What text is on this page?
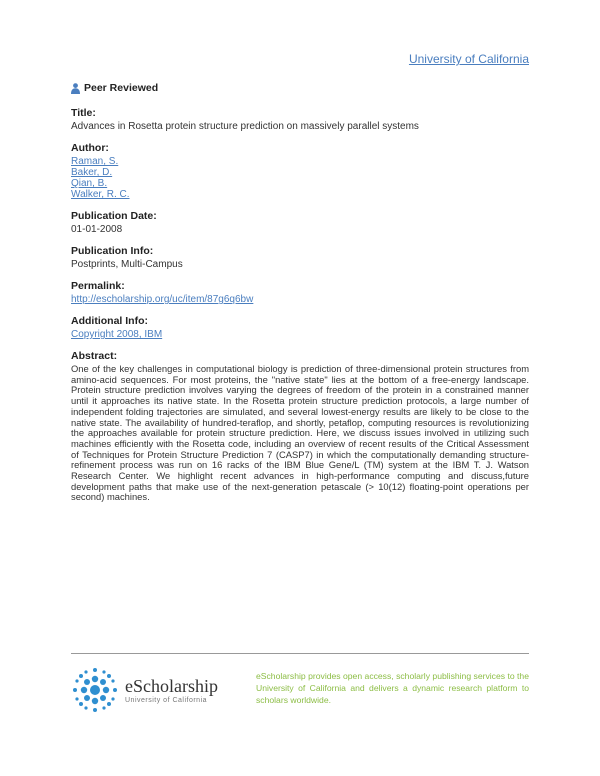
University of California
Peer Reviewed
Title:
Advances in Rosetta protein structure prediction on massively parallel systems
Author:
Raman, S.
Baker, D.
Qian, B.
Walker, R. C.
Publication Date:
01-01-2008
Publication Info:
Postprints, Multi-Campus
Permalink:
http://escholarship.org/uc/item/87g6q6bw
Additional Info:
Copyright 2008, IBM
Abstract:
One of the key challenges in computational biology is prediction of three-dimensional protein structures from amino-acid sequences. For most proteins, the "native state" lies at the bottom of a free-energy landscape. Protein structure prediction involves varying the degrees of freedom of the protein in a constrained manner until it approaches its native state. In the Rosetta protein structure prediction protocols, a large number of independent folding trajectories are simulated, and several lowest-energy results are likely to be close to the native state. The availability of hundred-teraflop, and shortly, petaflop, computing resources is revolutionizing the approaches available for protein structure prediction. Here, we discuss issues involved in utilizing such machines efficiently with the Rosetta code, including an overview of recent results of the Critical Assessment of Techniques for Protein Structure Prediction 7 (CASP7) in which the computationally demanding structure-refinement process was run on 16 racks of the IBM Blue Gene/L (TM) system at the IBM T. J. Watson Research Center. We highlight recent advances in high-performance computing and discuss,future development paths that make use of the next-generation petascale (> 10(12) floating-point operations per second) machines.
eScholarship
University of California
eScholarship provides open access, scholarly publishing services to the University of California and delivers a dynamic research platform to scholars worldwide.
